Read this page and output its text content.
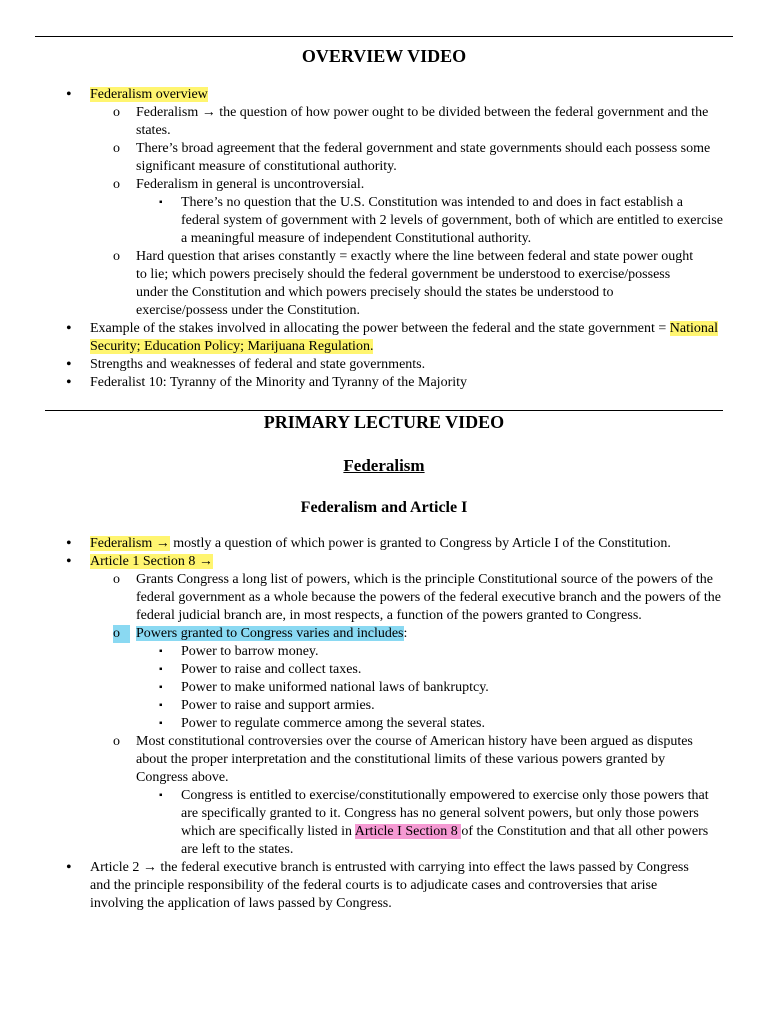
OVERVIEW VIDEO
• Federalism overview
o Federalism → the question of how power ought to be divided between the federal government and the states.
o There’s broad agreement that the federal government and state governments should each possess some significant measure of constitutional authority.
o Federalism in general is uncontroversial.
▪ There’s no question that the U.S. Constitution was intended to and does in fact establish a federal system of government with 2 levels of government, both of which are entitled to exercise a meaningful measure of independent Constitutional authority.
o Hard question that arises constantly = exactly where the line between federal and state power ought to lie; which powers precisely should the federal government be understood to exercise/possess under the Constitution and which powers precisely should the states be understood to exercise/possess under the Constitution.
• Example of the stakes involved in allocating the power between the federal and the state government = National Security; Education Policy; Marijuana Regulation.
• Strengths and weaknesses of federal and state governments.
• Federalist 10: Tyranny of the Minority and Tyranny of the Majority
PRIMARY LECTURE VIDEO
Federalism
Federalism and Article I
• Federalism → mostly a question of which power is granted to Congress by Article I of the Constitution.
• Article 1 Section 8 →
o Grants Congress a long list of powers, which is the principle Constitutional source of the powers of the federal government as a whole because the powers of the federal executive branch and the powers of the federal judicial branch are, in most respects, a function of the powers granted to Congress.
o	Powers granted to Congress varies and includes:
▪ Power to barrow money.
▪ Power to raise and collect taxes.
▪ Power to make uniformed national laws of bankruptcy.
▪ Power to raise and support armies.
▪ Power to regulate commerce among the several states.
o Most constitutional controversies over the course of American history have been argued as disputes about the proper interpretation and the constitutional limits of these various powers granted by Congress above.
▪ Congress is entitled to exercise/constitutionally empowered to exercise only those powers that are specifically granted to it. Congress has no general solvent powers, but only those powers which are specifically listed in Article I Section 8 of the Constitution and that all other powers are left to the states.
• Article 2 → the federal executive branch is entrusted with carrying into effect the laws passed by Congress and the principle responsibility of the federal courts is to adjudicate cases and controversies that arise involving the application of laws passed by Congress.
